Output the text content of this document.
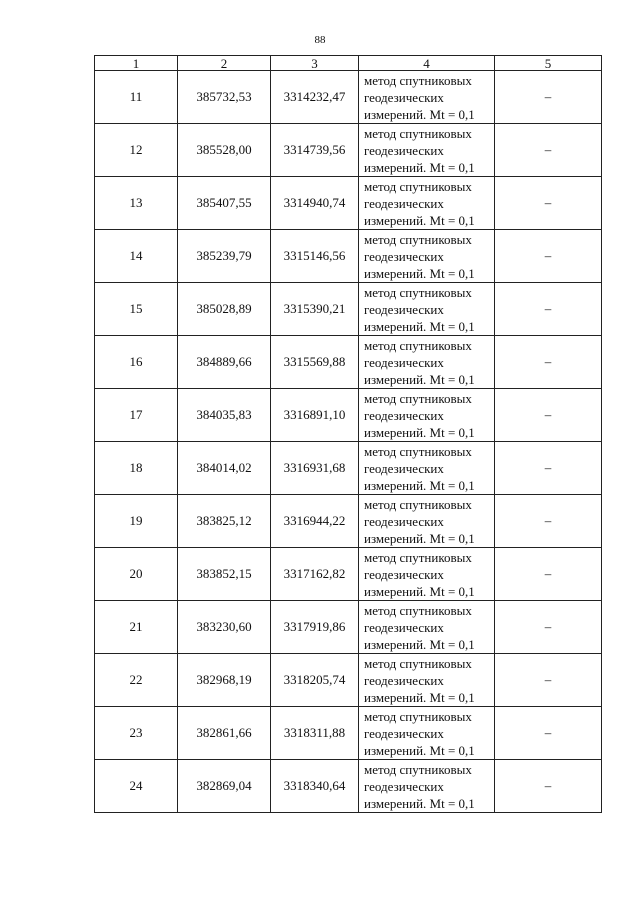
88
1	2	3	4	5
11	385732,53	3314232,47	метод спутниковых
геодезических
измерений. Mt = 0,1	–
12	385528,00	3314739,56	метод спутниковых
геодезических
измерений. Mt = 0,1	–
13	385407,55	3314940,74	метод спутниковых
геодезических
измерений. Mt = 0,1	–
14	385239,79	3315146,56	метод спутниковых
геодезических
измерений. Mt = 0,1	–
15	385028,89	3315390,21	метод спутниковых
геодезических
измерений. Mt = 0,1	–
16	384889,66	3315569,88	метод спутниковых
геодезических
измерений. Mt = 0,1	–
17	384035,83	3316891,10	метод спутниковых
геодезических
измерений. Mt = 0,1	–
18	384014,02	3316931,68	метод спутниковых
геодезических
измерений. Mt = 0,1	–
19	383825,12	3316944,22	метод спутниковых
геодезических
измерений. Mt = 0,1	–
20	383852,15	3317162,82	метод спутниковых
геодезических
измерений. Mt = 0,1	–
21	383230,60	3317919,86	метод спутниковых
геодезических
измерений. Mt = 0,1	–
22	382968,19	3318205,74	метод спутниковых
геодезических
измерений. Mt = 0,1	–
23	382861,66	3318311,88	метод спутниковых
геодезических
измерений. Mt = 0,1	–
24	382869,04	3318340,64	метод спутниковых
геодезических
измерений. Mt = 0,1	–
